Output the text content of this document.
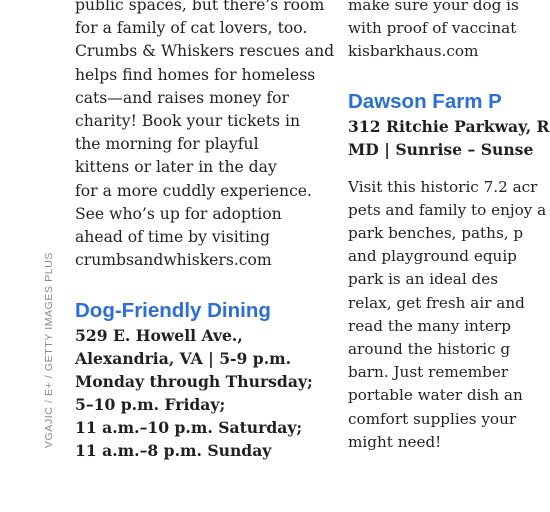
VGAJIC / E+ / GETTY IMAGES PLUS
public spaces, but there’s room
for a family of cat lovers, too.
Crumbs & Whiskers rescues and
helps find homes for homeless
cats—and raises money for
charity! Book your tickets in
the morning for playful
kittens or later in the day
for a more cuddly experience.
See who’s up for adoption
ahead of time by visiting
crumbsandwhiskers.com
Dog-Friendly Dining
529 E. Howell Ave.,
Alexandria, VA | 5-9 p.m.
Monday through Thursday;
5–10 p.m. Friday;
11 a.m.–10 p.m. Saturday;
11 a.m.–8 p.m. Sunday
make sure your dog is
with proof of vaccinat
kisbarkhaus.com
Dawson Farm P
312 Ritchie Parkway, R
MD | Sunrise – Sunse
Visit this historic 7.2 acr
pets and family to enjoy a
park benches, paths, p
and playground equip
park is an ideal des
relax, get fresh air and
read the many interp
around the historic g
barn. Just remember
portable water dish an
comfort supplies your
might need!
